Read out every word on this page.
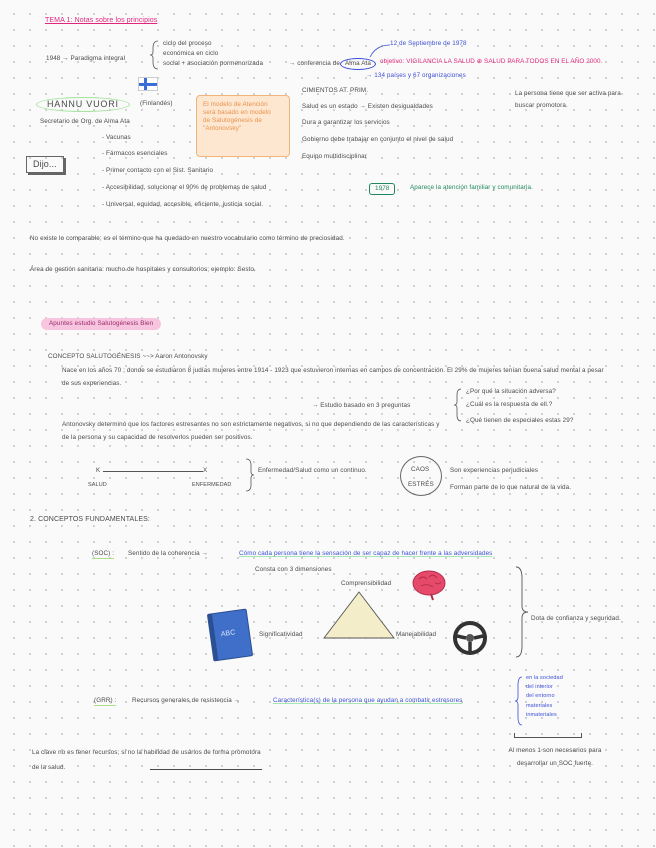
TEMA 1: Notas sobre los principios
1948 → Paradigma integral
ciclo del proceso
económica en ciclo
social + asociación pormenorizada	→ conferencia de Alma Ata
12 de Septiembre de 1978
→ 134 países y 67 organizaciones
objetivo: VIGILANCIA LA SALUD ⊕ SALUD PARA TODOS EN EL AÑO 2000.
HANNU VUORI	(Finlandés)
Secretario de Org. de Alma Ata
- Vacunas
- Fármacos esenciales
- Primer contacto con el Sist. Sanitario
- Accesibilidad, solucionar el 90% de problemas de salud
- Universal, equidad, accesible, eficiente, justicia social.
Dijo...
El modelo de Atención será basado en modelo de Salutogénesis de "Antonovsky"
CIMIENTOS AT. PRIM.
Salud es un estado → Existen desigualdades
Dura a garantizar los servicios
Gobierno debe trabajar en conjunto el nivel de salud
Equipo multidisciplinar
La persona tiene que ser activa para buscar promotora.
1978	Aparece la atención familiar y comunitaria.
No existe lo comparable; es el término que ha quedado en nuestro vocabulario como término de preciosidad.
Área de gestión sanitaria: mucho de hospitales y consultorios; ejemplo: Sesto.
Apuntes estudio Salutogénesis Bien
CONCEPTO SALUTOGÉNESIS ~~> Aaron Antonovsky
Nace en los años 70 ; donde se estudiaron 8 judías mujeres entre 1914 - 1923 que estuvieron internas en campos de concentración. El 29% de mujeres tenían buena salud mental a pesar de sus experiencias.
→ Estudio basado en 3 preguntas
¿Por qué la situación adversa?
¿Cuál es la respuesta de ell.?
¿Qué tienen de especiales estas 29?
Antonovsky determinó que los factores estresantes no son estrictamente negativos, si no que dependiendo de las características y de la persona y su capacidad de resolverlos pueden ser positivos.
K	X
SALUD	ENFERMEDAD
Enfermedad/Salud como un continuo.	CAOS
ESTRÉS
Son experiencias perjudiciales
Forman parte de lo que natural de la vida.
2. CONCEPTOS FUNDAMENTALES:
(SOC) : Sentido de la coherencia →	Cómo cada persona tiene la sensación de ser capaz de hacer frente a las adversidades
Consta con 3 dimensiones
Comprensibilidad
Significatividad	Manejabilidad
ABC
Dota de confianza y seguridad.
(GRR) : Recursos generales de resistencia →	Característica(s) de la persona que ayudan a combatir estresores
en la sociedad
del interior
del entorno
materiales
inmateriales
La clave no es tener recursos; si no la habilidad de usarlos de forma promotora de la salud.
Al menos 1 son necesarios para desarrollar un SOC fuerte.
